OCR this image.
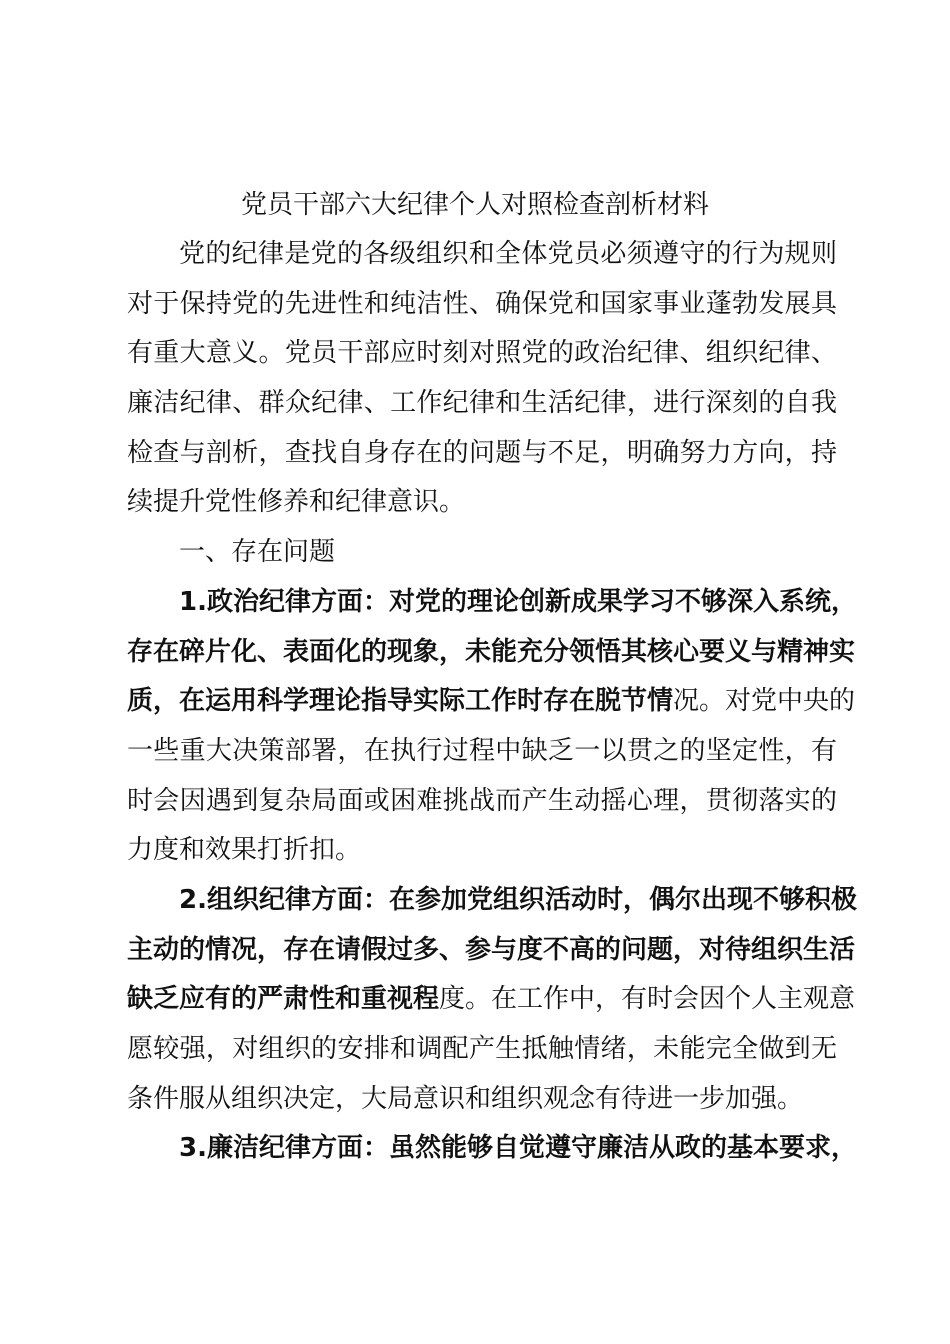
党员干部六大纪律个人对照检查剖析材料
党的纪律是党的各级组织和全体党员必须遵守的行为规则
对于保持党的先进性和纯洁性、确保党和国家事业蓬勃发展具
有重大意义。党员干部应时刻对照党的政治纪律、组织纪律、
廉洁纪律、群众纪律、工作纪律和生活纪律，进行深刻的自我
检查与剖析，查找自身存在的问题与不足，明确努力方向，持
续提升党性修养和纪律意识。
一、存在问题
1.政治纪律方面：对党的理论创新成果学习不够深入系统，
存在碎片化、表面化的现象，未能充分领悟其核心要义与精神实
质，在运用科学理论指导实际工作时存在脱节情况。对党中央的
一些重大决策部署，在执行过程中缺乏一以贯之的坚定性，有
时会因遇到复杂局面或困难挑战而产生动摇心理，贯彻落实的
力度和效果打折扣。
2.组织纪律方面：在参加党组织活动时，偶尔出现不够积极
主动的情况，存在请假过多、参与度不高的问题，对待组织生活
缺乏应有的严肃性和重视程度。在工作中，有时会因个人主观意
愿较强，对组织的安排和调配产生抵触情绪，未能完全做到无
条件服从组织决定，大局意识和组织观念有待进一步加强。
3.廉洁纪律方面：虽然能够自觉遵守廉洁从政的基本要求，
